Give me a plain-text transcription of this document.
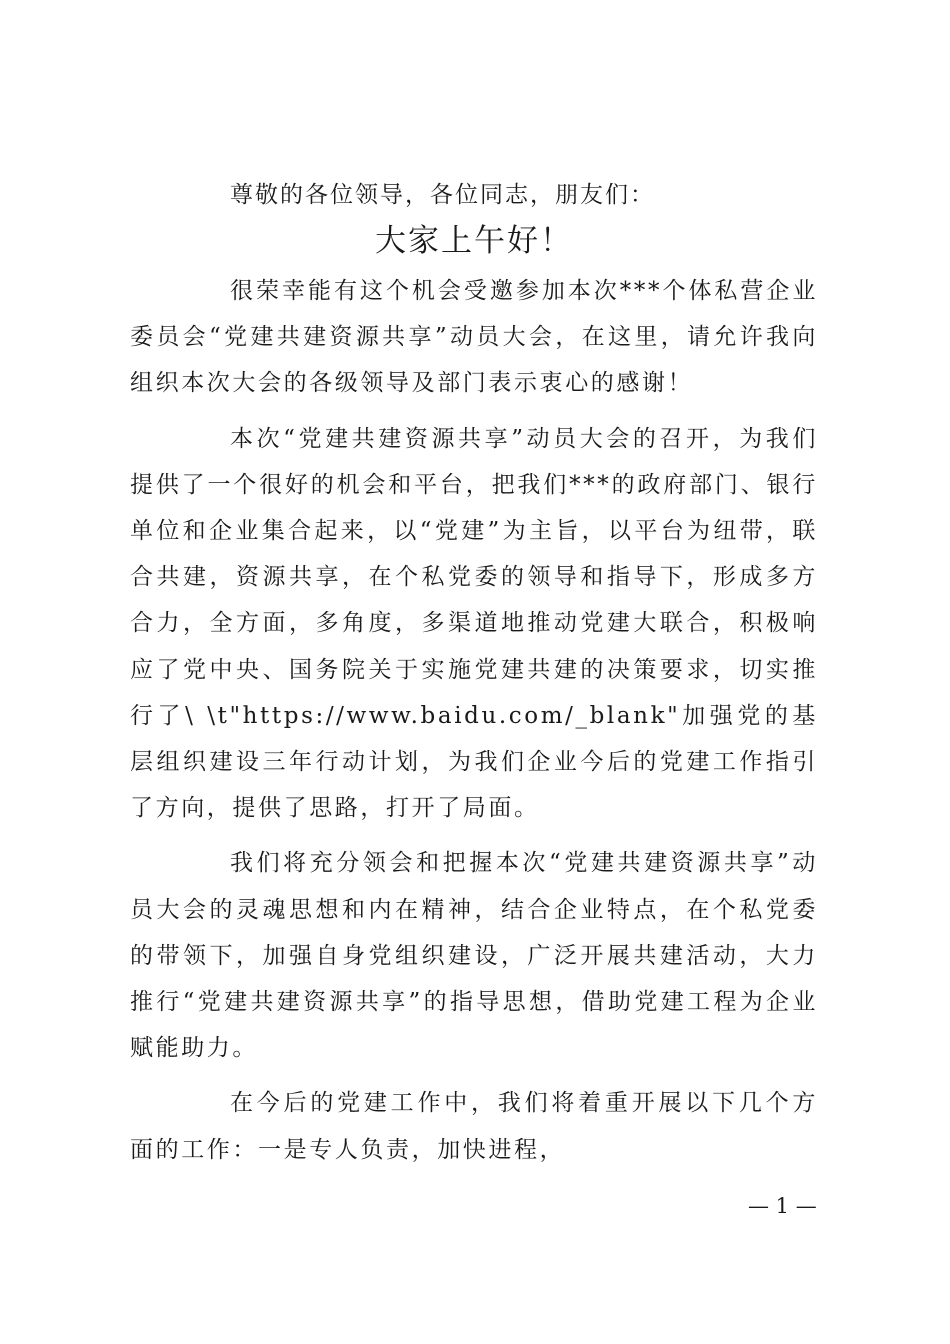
尊敬的各位领导，各位同志，朋友们：

大家上午好！

很荣幸能有这个机会受邀参加本次***个体私营企业委员会“党建共建资源共享”动员大会，在这里，请允许我向组织本次大会的各级领导及部门表示衷心的感谢！

本次“党建共建资源共享”动员大会的召开，为我们提供了一个很好的机会和平台，把我们***的政府部门、银行单位和企业集合起来，以“党建”为主旨，以平台为纽带，联合共建，资源共享，在个私党委的领导和指导下，形成多方合力，全方面，多角度，多渠道地推动党建大联合，积极响应了党中央、国务院关于实施党建共建的决策要求，切实推行了\ \t"https://www.baidu.com/_blank"加强党的基层组织建设三年行动计划，为我们企业今后的党建工作指引了方向，提供了思路，打开了局面。

我们将充分领会和把握本次“党建共建资源共享”动员大会的灵魂思想和内在精神，结合企业特点，在个私党委的带领下，加强自身党组织建设，广泛开展共建活动，大力推行“党建共建资源共享”的指导思想，借助党建工程为企业赋能助力。

在今后的党建工作中，我们将着重开展以下几个方面的工作：一是专人负责，加快进程，

— 1 —
